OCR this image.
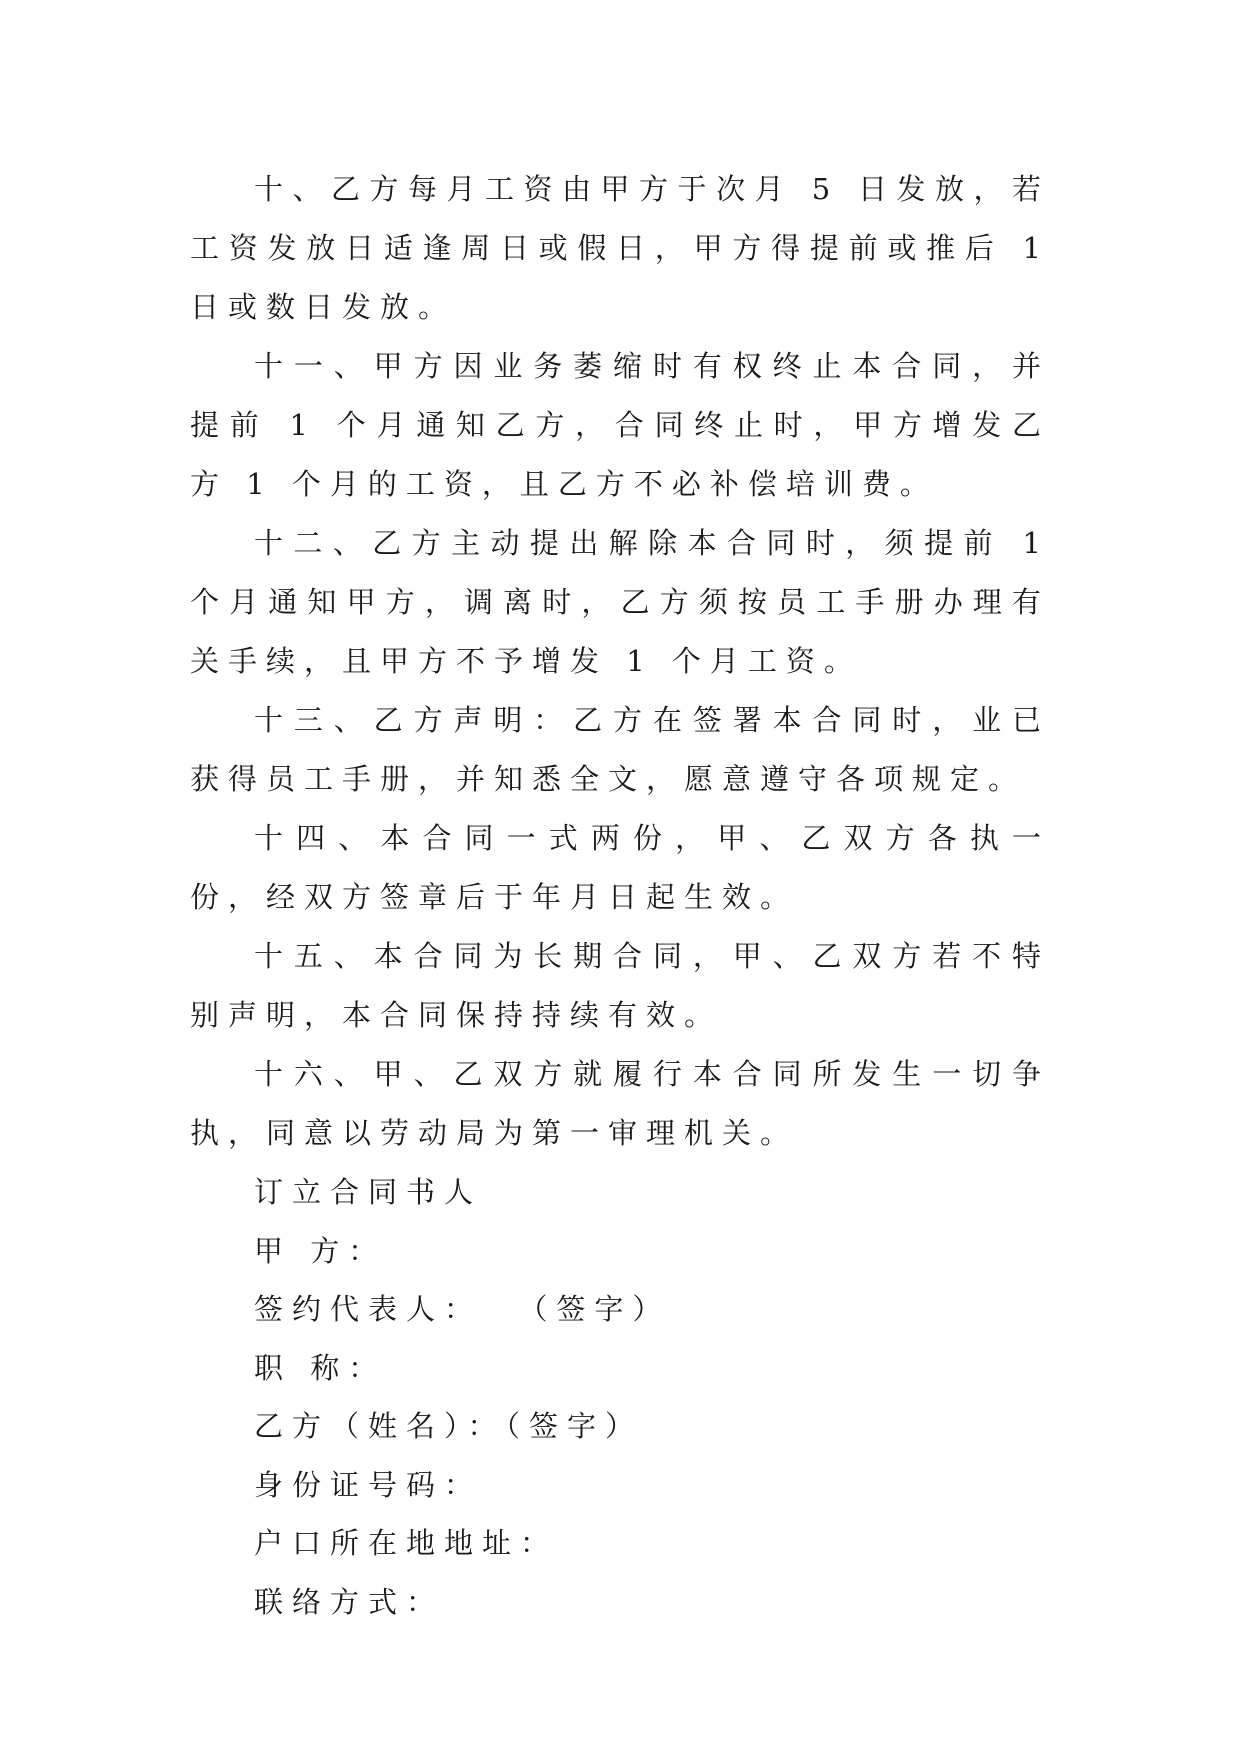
十、乙方每月工资由甲方于次月 5 日发放，若工资发放日适逢周日或假日，甲方得提前或推后 1 日或数日发放。

十一、甲方因业务萎缩时有权终止本合同，并提前 1 个月通知乙方，合同终止时，甲方增发乙方 1 个月的工资，且乙方不必补偿培训费。

十二、乙方主动提出解除本合同时，须提前 1 个月通知甲方，调离时，乙方须按员工手册办理有关手续，且甲方不予增发 1 个月工资。

十三、乙方声明：乙方在签署本合同时，业已获得员工手册，并知悉全文，愿意遵守各项规定。

十四、本合同一式两份，甲、乙双方各执一份，经双方签章后于年月日起生效。

十五、本合同为长期合同，甲、乙双方若不特别声明，本合同保持持续有效。

十六、甲、乙双方就履行本合同所发生一切争执，同意以劳动局为第一审理机关。

订立合同书人

甲 方：

签约代表人：  （签字）

职 称：

乙方（姓名）：（签字）

身份证号码：

户口所在地地址：

联络方式：
